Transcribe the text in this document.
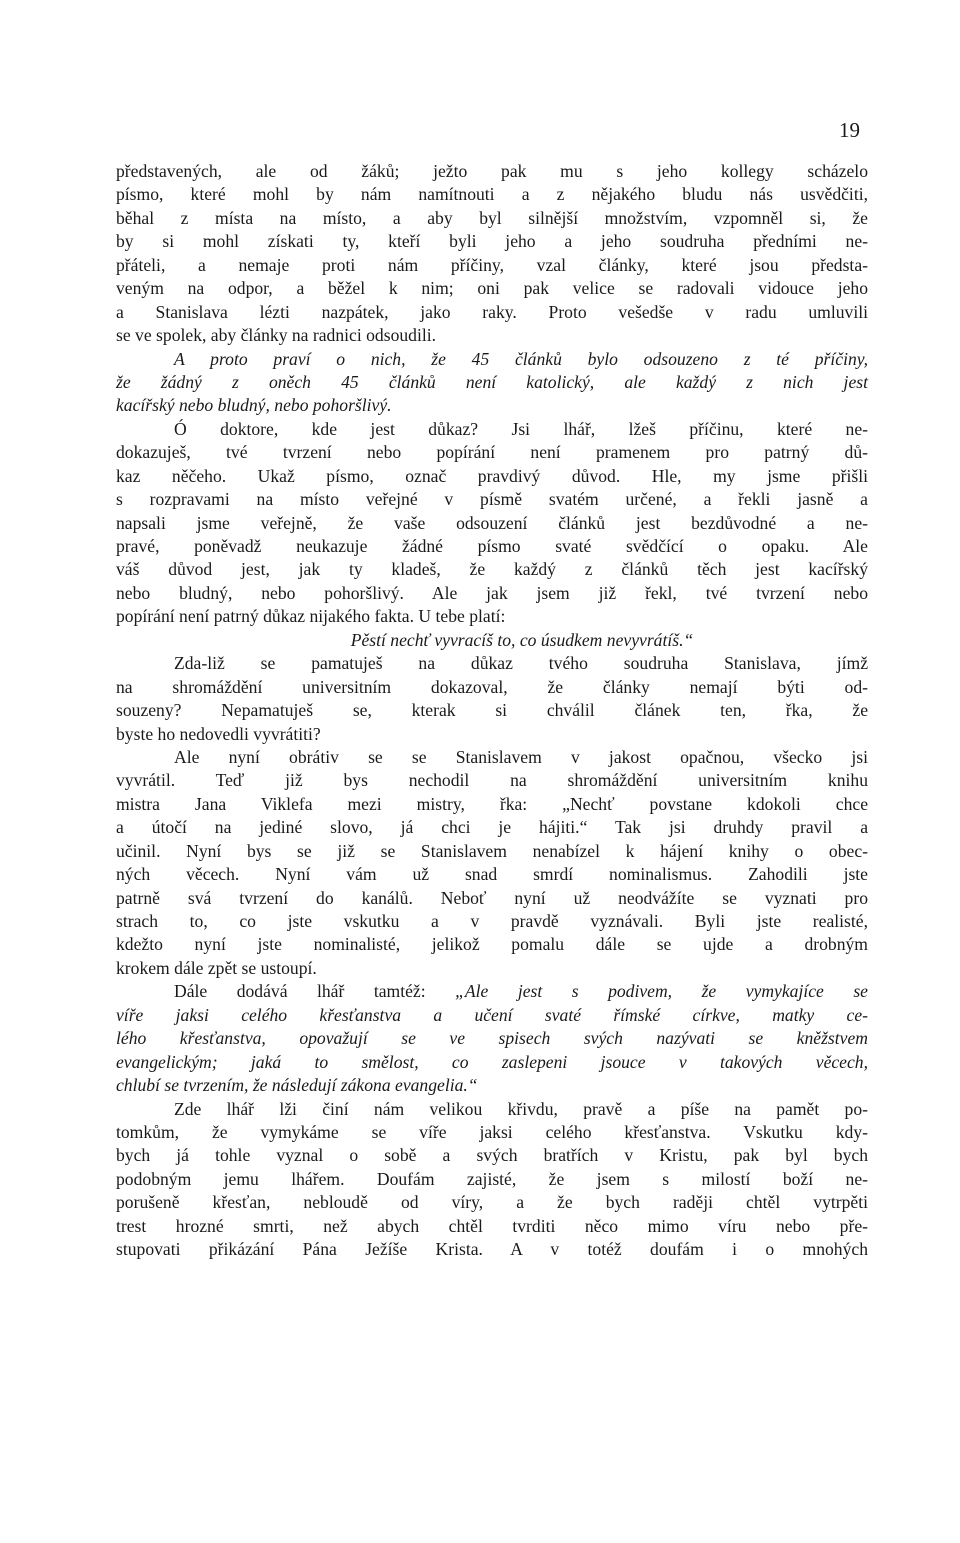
19
představených, ale od žáků; ježto pak mu s jeho kollegy scházelo
písmo, které mohl by nám namítnouti a z nějakého bludu nás usvědčiti,
běhal z místa na místo, a aby byl silnější množstvím, vzpomněl si, že
by si mohl získati ty, kteří byli jeho a jeho soudruha předními ne-
přáteli, a nemaje proti nám příčiny, vzal články, které jsou předsta-
veným na odpor, a běžel k nim; oni pak velice se radovali vidouce jeho
a Stanislava lézti nazpátek, jako raky. Proto vešedše v radu umluvili
se ve spolek, aby články na radnici odsoudili.
A proto praví o nich, že 45 článků bylo odsouzeno z té příčiny,
že žádný z oněch 45 článků není katolický, ale každý z nich jest
kacířský nebo bludný, nebo pohoršlivý.
Ó doktore, kde jest důkaz? Jsi lhář, lžeš příčinu, které ne-
dokazuješ, tvé tvrzení nebo popírání není pramenem pro patrný dů-
kaz něčeho. Ukaž písmo, označ pravdivý důvod. Hle, my jsme přišli
s rozpravami na místo veřejné v písmě svatém určené, a řekli jasně a
napsali jsme veřejně, že vaše odsouzení článků jest bezdůvodné a ne-
pravé, poněvadž neukazuje žádné písmo svaté svědčící o opaku. Ale
váš důvod jest, jak ty kladeš, že každý z článků těch jest kacířský
nebo bludný, nebo pohoršlivý. Ale jak jsem již řekl, tvé tvrzení nebo
popírání není patrný důkaz nijakého fakta. U tebe platí:
Pěstí nechť vyvracíš to, co úsudkem nevyvrátíš.“
Zda-liž se pamatuješ na důkaz tvého soudruha Stanislava, jímž
na shromáždění universitním dokazoval, že články nemají býti od-
souzeny? Nepamatuješ se, kterak si chválil článek ten, řka, že
byste ho nedovedli vyvrátiti?
Ale nyní obrátiv se se Stanislavem v jakost opačnou, všecko jsi
vyvrátil. Teď již bys nechodil na shromáždění universitním knihu
mistra Jana Viklefa mezi mistry, řka: „Nechť povstane kdokoli chce
a útočí na jediné slovo, já chci je hájiti.“ Tak jsi druhdy pravil a
učinil. Nyní bys se již se Stanislavem nenabízel k hájení knihy o obec-
ných věcech. Nyní vám už snad smrdí nominalismus. Zahodili jste
patrně svá tvrzení do kanálů. Neboť nyní už neodvážíte se vyznati pro
strach to, co jste vskutku a v pravdě vyznávali. Byli jste realisté,
kdežto nyní jste nominalisté, jelikož pomalu dále se ujde a drobným
krokem dále zpět se ustoupí.
Dále dodává lhář tamtéž: „Ale jest s podivem, že vymykajíce se
víře jaksi celého křesťanstva a učení svaté římské církve, matky ce-
lého křesťanstva, opovažují se ve spisech svých nazývati se kněžstvem
evangelickým; jaká to smělost, co zaslepeni jsouce v takových věcech,
chlubí se tvrzením, že následují zákona evangelia.“
Zde lhář lži činí nám velikou křivdu, pravě a píše na pamět po-
tomkům, že vymykáme se víře jaksi celého křesťanstva. Vskutku kdy-
bych já tohle vyznal o sobě a svých bratřích v Kristu, pak byl bych
podobným jemu lhářem. Doufám zajisté, že jsem s milostí boží ne-
porušeně křesťan, nebloudě od víry, a že bych raději chtěl vytrpěti
trest hrozné smrti, než abych chtěl tvrditi něco mimo víru nebo pře-
stupovati přikázání Pána Ježíše Krista. A v totéž doufám i o mnohých
